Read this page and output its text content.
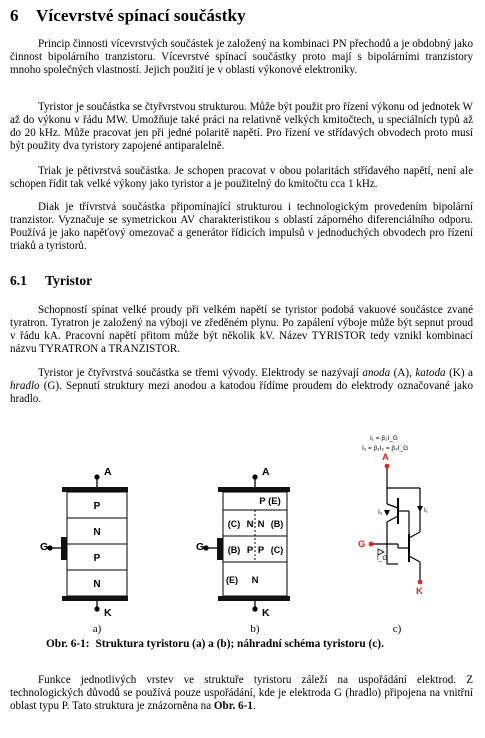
6 Vícevrstvé spínací součástky

Princip činnosti vícevrstvých součástek je založený na kombinaci PN přechodů a je obdobný jako činnost bipolárního tranzistoru. Vícevrstvé spínací součástky proto mají s bipolárními tranzistory mnoho společných vlastností. Jejich použití je v oblasti výkonové elektroniky.

Tyristor je součástka se čtyřvrstvou strukturou. Může být použit pro řízení výkonu od jednotek W až do výkonu v řádu MW. Umožňuje také práci na relativně velkých kmitočtech, u speciálních typů až do 20 kHz. Může pracovat jen při jedné polaritě napětí. Pro řízení ve střídavých obvodech proto musí být použity dva tyristory zapojené antiparalelně.

Triak je pětivrstvá součástka. Je schopen pracovat v obou polaritách střídavého napětí, není ale schopen řídit tak velké výkony jako tyristor a je použitelný do kmitočtu cca 1 kHz.

Diak je třívrstvá součástka připomínající strukturou i technologickým provedením bipolární tranzistor. Vyznačuje se symetrickou AV charakteristikou s oblastí záporného diferenciálního odporu. Používá je jako napěťový omezovač a generátor řídicích impulsů v jednoduchých obvodech pro řízení triaků a tyristorů.

6.1 Tyristor

Schopností spínat velké proudy při velkém napětí se tyristor podobá vakuové součástce zvané tyratron. Tyratron je založený na výboji ve zředěném plynu. Po zapálení výboje může být sepnut proud v řádu kA. Pracovní napětí přitom může být několik kV. Název TYRISTOR tedy vznikl kombinací názvu TYRATRON a TRANZISTOR.

Tyristor je čtyřvrstvá součástka se třemi vývody. Elektrody se nazývají anoda (A), katoda (K) a hradlo (G). Sepnutí struktury mezi anodou a katodou řídíme proudem do elektrody označované jako hradlo.

A
P
N
P
N
G
K
a)
A
P (E)
(C) N N (B)
(B) P P (C)
(E) N
G
K
b)
I₁ = β₁I_G
I₂ = β₁I₂ = β₂I_G
A
I₂	I₁
G
I_G
K
c)
Obr. 6-1: Struktura tyristoru (a) a (b); náhradní schéma tyristoru (c).

Funkce jednotlivých vrstev ve struktuře tyristoru záleží na uspořádání elektrod. Z technologických důvodů se používá pouze uspořádání, kde je elektroda G (hradlo) připojena na vnitřní oblast typu P. Tato struktura je znázorněna na Obr. 6-1.
